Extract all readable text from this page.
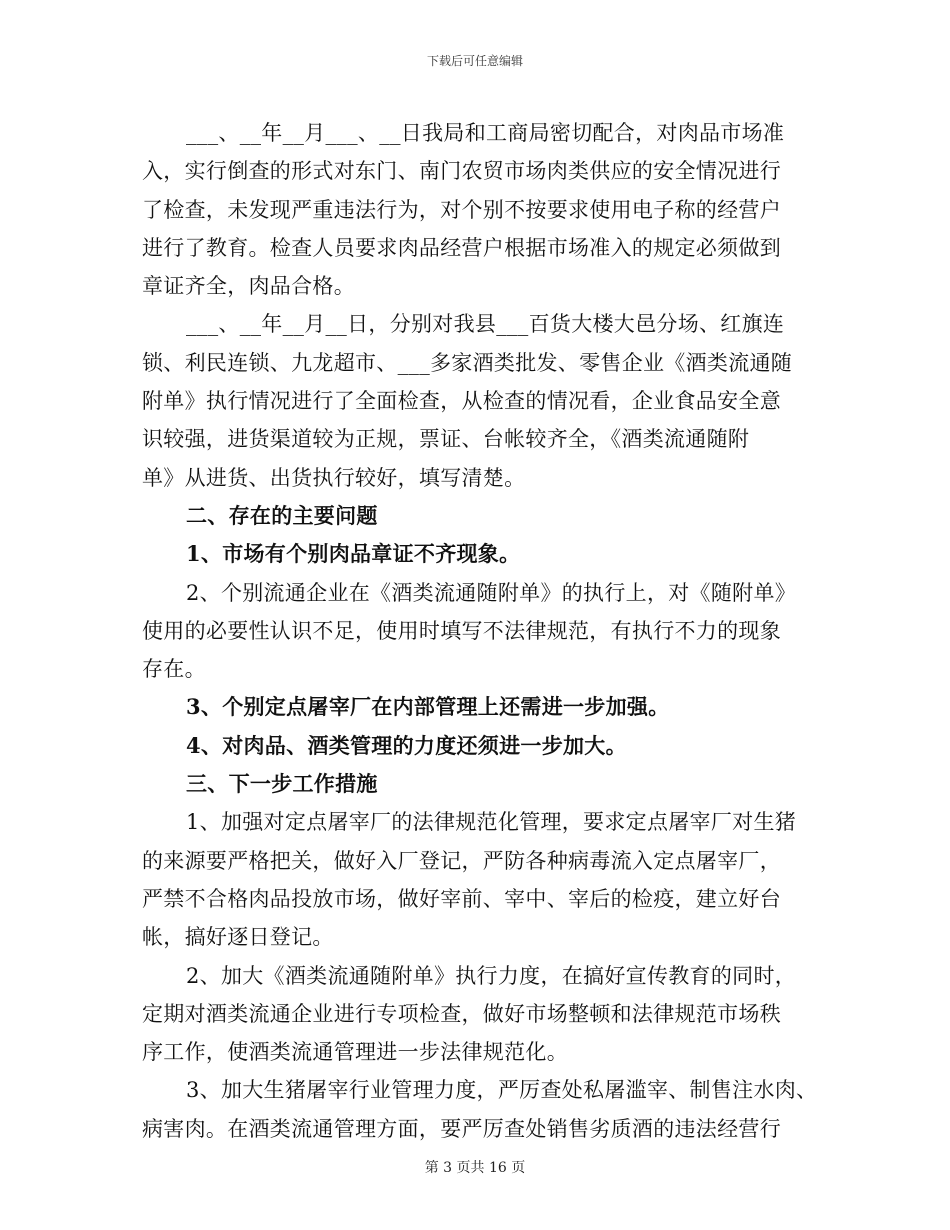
下载后可任意编辑
___、__年__月___、__日我局和工商局密切配合，对肉品市场准
入，实行倒查的形式对东门、南门农贸市场肉类供应的安全情况进行
了检查，未发现严重违法行为，对个别不按要求使用电子称的经营户
进行了教育。检查人员要求肉品经营户根据市场准入的规定必须做到
章证齐全，肉品合格。
___、__年__月__日，分别对我县___百货大楼大邑分场、红旗连
锁、利民连锁、九龙超市、___多家酒类批发、零售企业《酒类流通随
附单》执行情况进行了全面检查，从检查的情况看，企业食品安全意
识较强，进货渠道较为正规，票证、台帐较齐全，《酒类流通随附
单》从进货、出货执行较好，填写清楚。
二、存在的主要问题
1、市场有个别肉品章证不齐现象。
2、个别流通企业在《酒类流通随附单》的执行上，对《随附单》
使用的必要性认识不足，使用时填写不法律规范，有执行不力的现象
存在。
3、个别定点屠宰厂在内部管理上还需进一步加强。
4、对肉品、酒类管理的力度还须进一步加大。
三、下一步工作措施
1、加强对定点屠宰厂的法律规范化管理，要求定点屠宰厂对生猪
的来源要严格把关，做好入厂登记，严防各种病毒流入定点屠宰厂，
严禁不合格肉品投放市场，做好宰前、宰中、宰后的检疫，建立好台
帐，搞好逐日登记。
2、加大《酒类流通随附单》执行力度，在搞好宣传教育的同时，
定期对酒类流通企业进行专项检查，做好市场整顿和法律规范市场秩
序工作，使酒类流通管理进一步法律规范化。
3、加大生猪屠宰行业管理力度，严厉查处私屠滥宰、制售注水肉、
病害肉。在酒类流通管理方面，要严厉查处销售劣质酒的违法经营行
第 3 页共 16 页
